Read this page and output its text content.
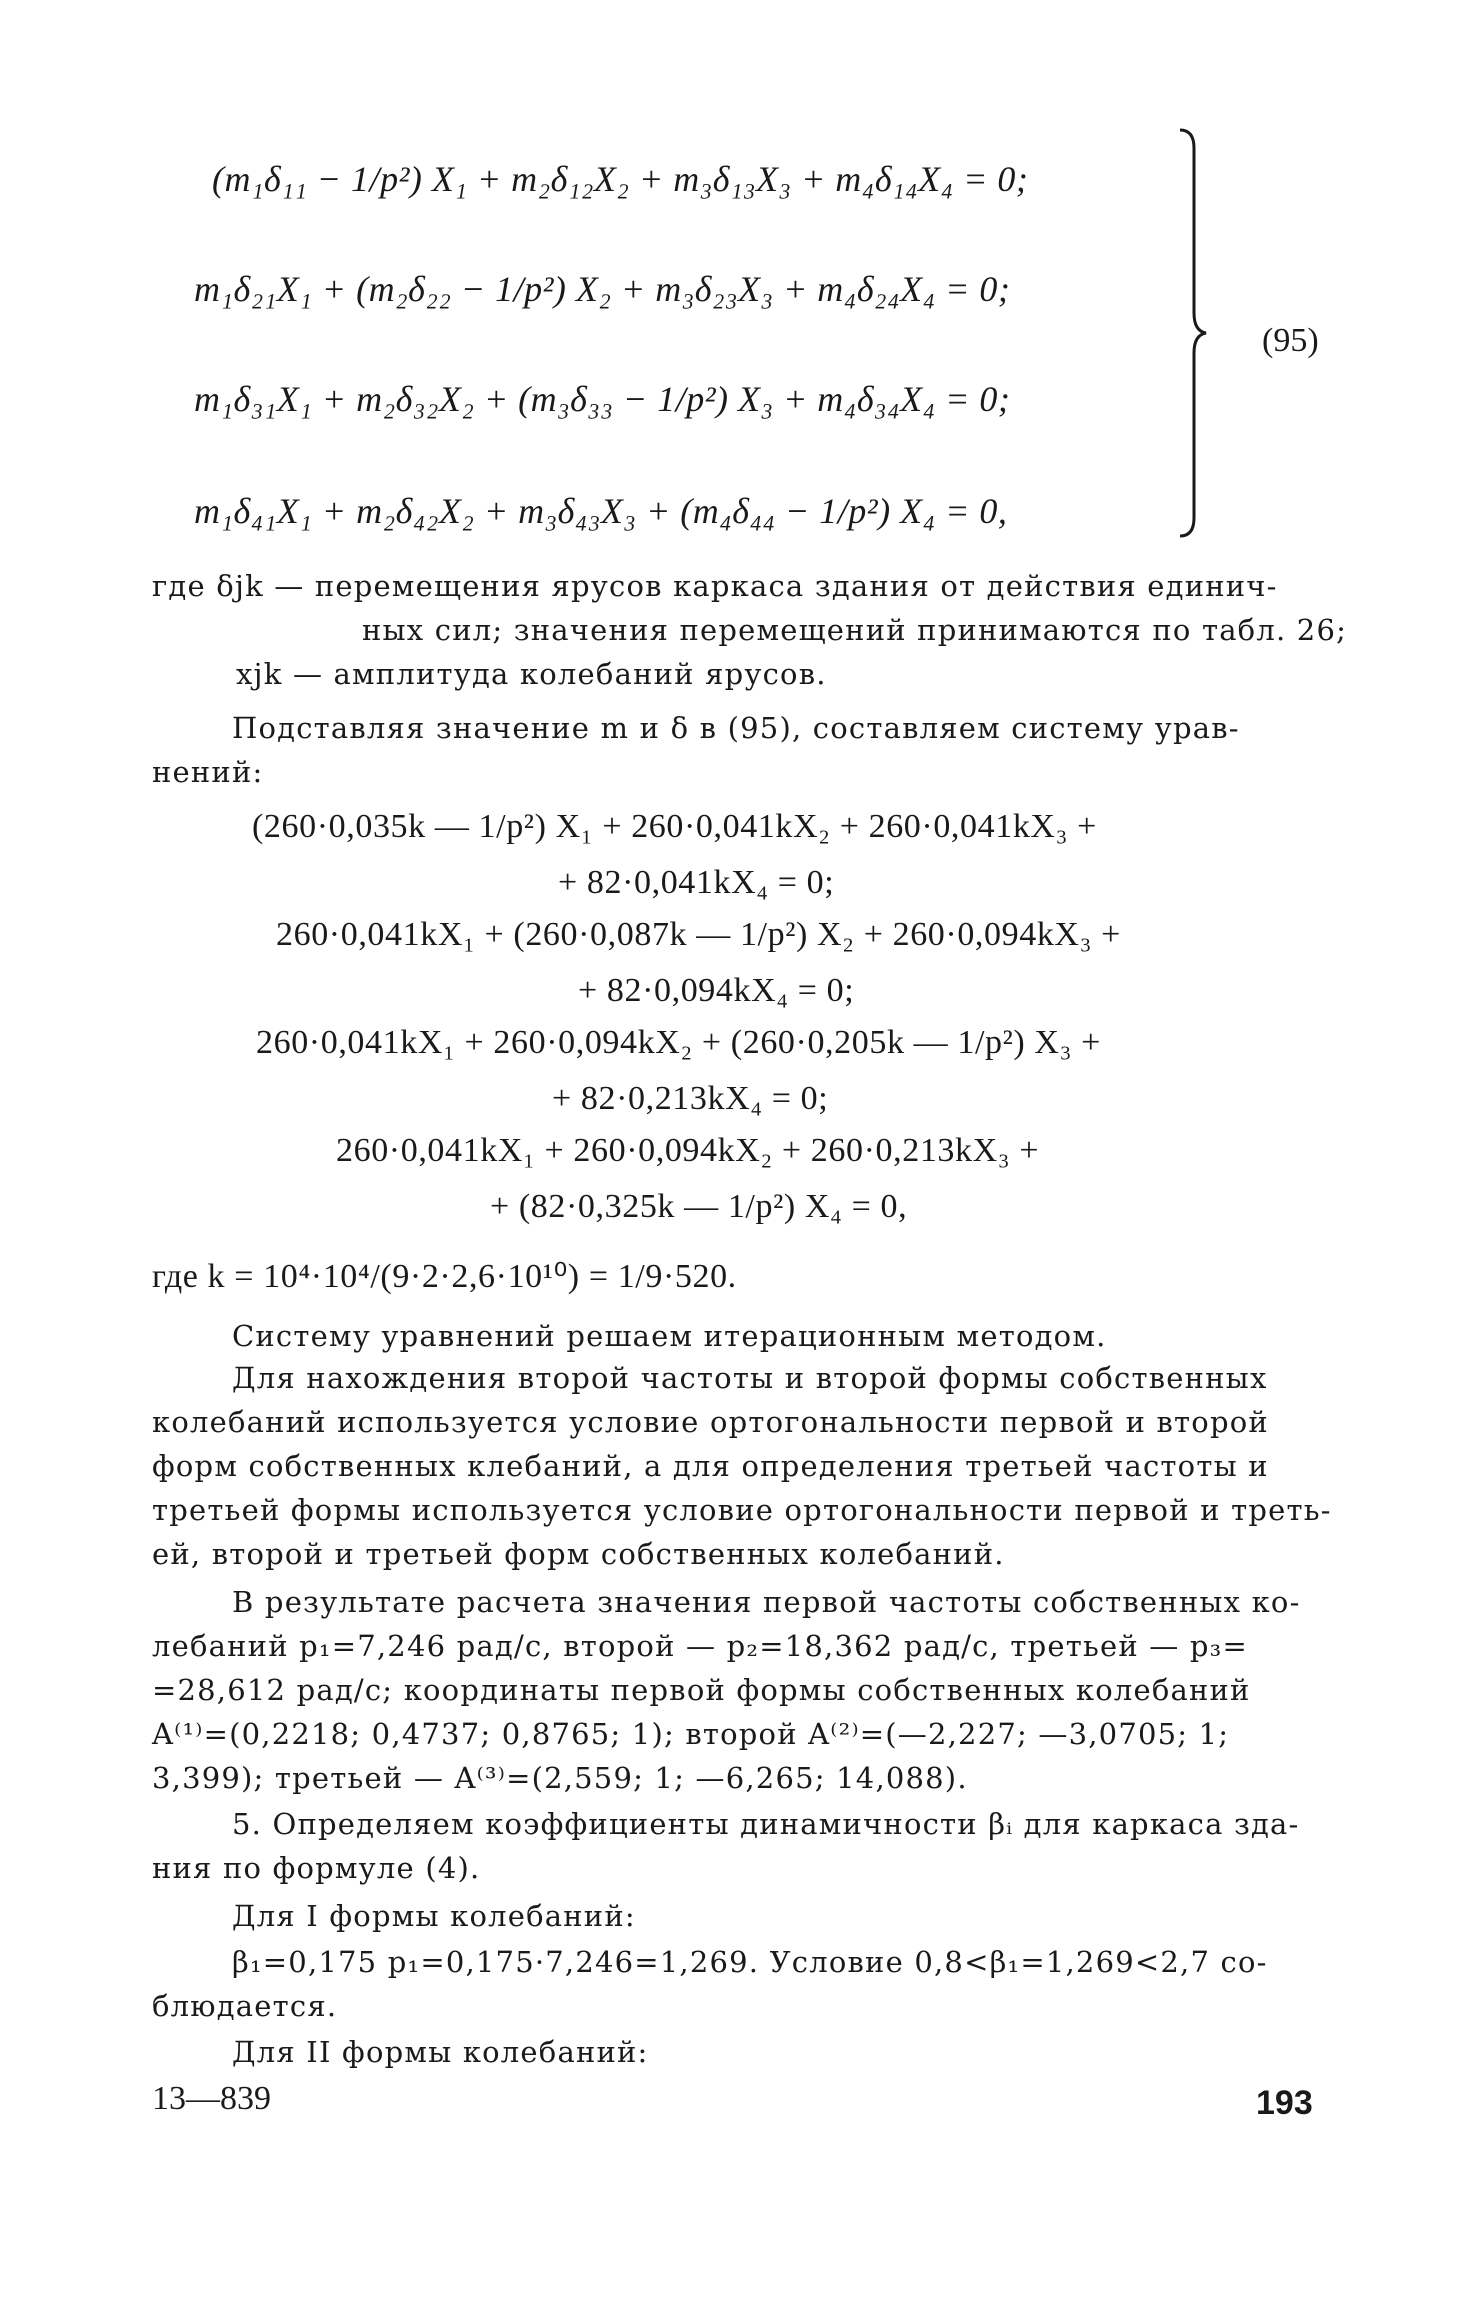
(m₁δ₁₁ − 1/p²) X₁ + m₂δ₁₂X₂ + m₃δ₁₃X₃ + m₄δ₁₄X₄ = 0;
m₁δ₂₁X₁ + (m₂δ₂₂ − 1/p²) X₂ + m₃δ₂₃X₃ + m₄δ₂₄X₄ = 0;
m₁δ₃₁X₁ + m₂δ₃₂X₂ + (m₃δ₃₃ − 1/p²) X₃ + m₄δ₃₄X₄ = 0;
m₁δ₄₁X₁ + m₂δ₄₂X₂ + m₃δ₄₃X₃ + (m₄δ₄₄ − 1/p²) X₄ = 0,
(95)
где δjk — перемещения ярусов каркаса здания от действия единич-
ных сил; значения перемещений принимаются по табл. 26;
xjk — амплитуда колебаний ярусов.
Подставляя значение m и δ в (95), составляем систему урав-
нений:
(260·0,035k — 1/p²) X₁ + 260·0,041kX₂ + 260·0,041kX₃ +
+ 82·0,041kX₄ = 0;
260·0,041kX₁ + (260·0,087k — 1/p²) X₂ + 260·0,094kX₃ +
+ 82·0,094kX₄ = 0;
260·0,041kX₁ + 260·0,094kX₂ + (260·0,205k — 1/p²) X₃ +
+ 82·0,213kX₄ = 0;
260·0,041kX₁ + 260·0,094kX₂ + 260·0,213kX₃ +
+ (82·0,325k — 1/p²) X₄ = 0,
где k = 10⁴·10⁴/(9·2·2,6·10¹⁰) = 1/9·520.
Систему уравнений решаем итерационным методом.
Для нахождения второй частоты и второй формы собственных
колебаний используется условие ортогональности первой и второй
форм собственных клебаний, а для определения третьей частоты и
третьей формы используется условие ортогональности первой и треть-
ей, второй и третьей форм собственных колебаний.
В результате расчета значения первой частоты собственных ко-
лебаний p₁=7,246 рад/с, второй — p₂=18,362 рад/с, третьей — p₃=
=28,612 рад/с; координаты первой формы собственных колебаний
A⁽¹⁾=(0,2218; 0,4737; 0,8765; 1); второй A⁽²⁾=(—2,227; —3,0705; 1;
3,399); третьей — A⁽³⁾=(2,559; 1; —6,265; 14,088).
5. Определяем коэффициенты динамичности βᵢ для каркаса зда-
ния по формуле (4).
Для I формы колебаний:
β₁=0,175 p₁=0,175·7,246=1,269. Условие 0,8<β₁=1,269<2,7 со-
блюдается.
Для II формы колебаний:
13—839	193
